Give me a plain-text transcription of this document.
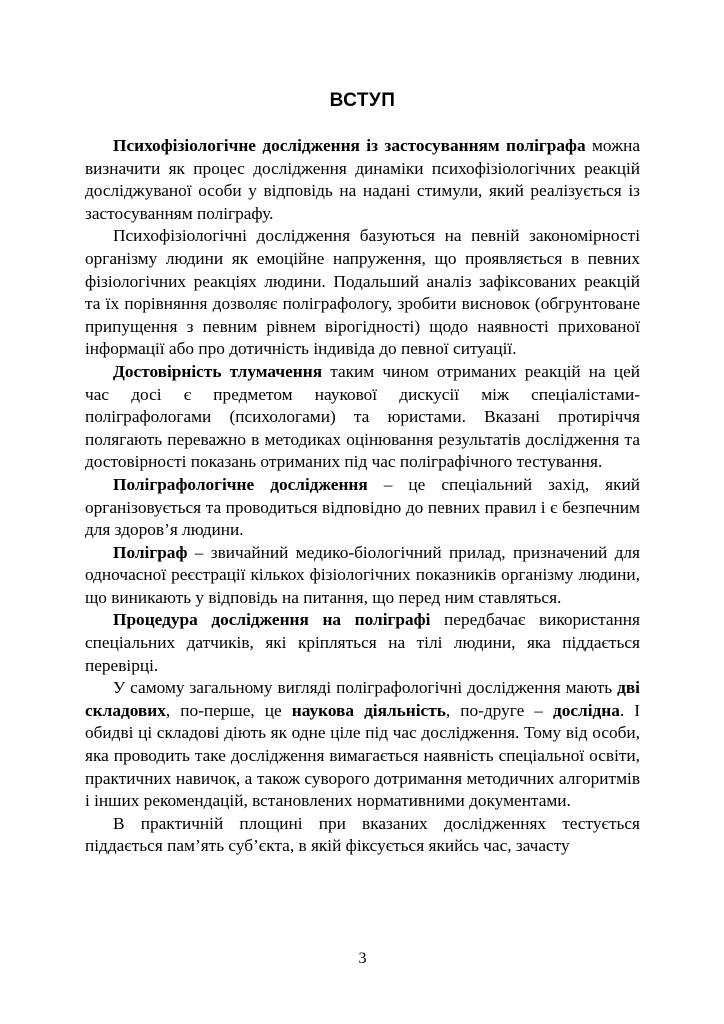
ВСТУП

Психофізіологічне дослідження із застосуванням поліграфа можна визначити як процес дослідження динаміки психофізіологічних реакцій досліджуваної особи у відповідь на надані стимули, який реалізується із застосуванням поліграфу.

Психофізіологічні дослідження базуються на певній закономірності організму людини як емоційне напруження, що проявляється в певних фізіологічних реакціях людини. Подальший аналіз зафіксованих реакцій та їх порівняння дозволяє поліграфологу, зробити висновок (обгрунтоване припущення з певним рівнем вірогідності) щодо наявності прихованої інформації або про дотичність індивіда до певної ситуації.

Достовірність тлумачення таким чином отриманих реакцій на цей час досі є предметом наукової дискусії між спеціалістами-поліграфологами (психологами) та юристами. Вказані протиріччя полягають переважно в методиках оцінювання результатів дослідження та достовірності показань отриманих під час поліграфічного тестування.

Поліграфологічне дослідження – це спеціальний захід, який організовується та проводиться відповідно до певних правил і є безпечним для здоров’я людини.

Поліграф – звичайний медико-біологічний прилад, призначений для одночасної реєстрації кількох фізіологічних показників організму людини, що виникають у відповідь на питання, що перед ним ставляться.

Процедура дослідження на поліграфі передбачає використання спеціальних датчиків, які кріпляться на тілі людини, яка піддається перевірці.

У самому загальному вигляді поліграфологічні дослідження мають дві складових, по-перше, це наукова діяльність, по-друге – дослідна. І обидві ці складові діють як одне ціле під час дослідження. Тому від особи, яка проводить таке дослідження вимагається наявність спеціальної освіти, практичних навичок, а також суворого дотримання методичних алгоритмів і інших рекомендацій, встановлених нормативними документами.

В практичній площині при вказаних дослідженнях тестується піддається пам’ять суб’єкта, в якій фіксується якийсь час, зачасту

3
